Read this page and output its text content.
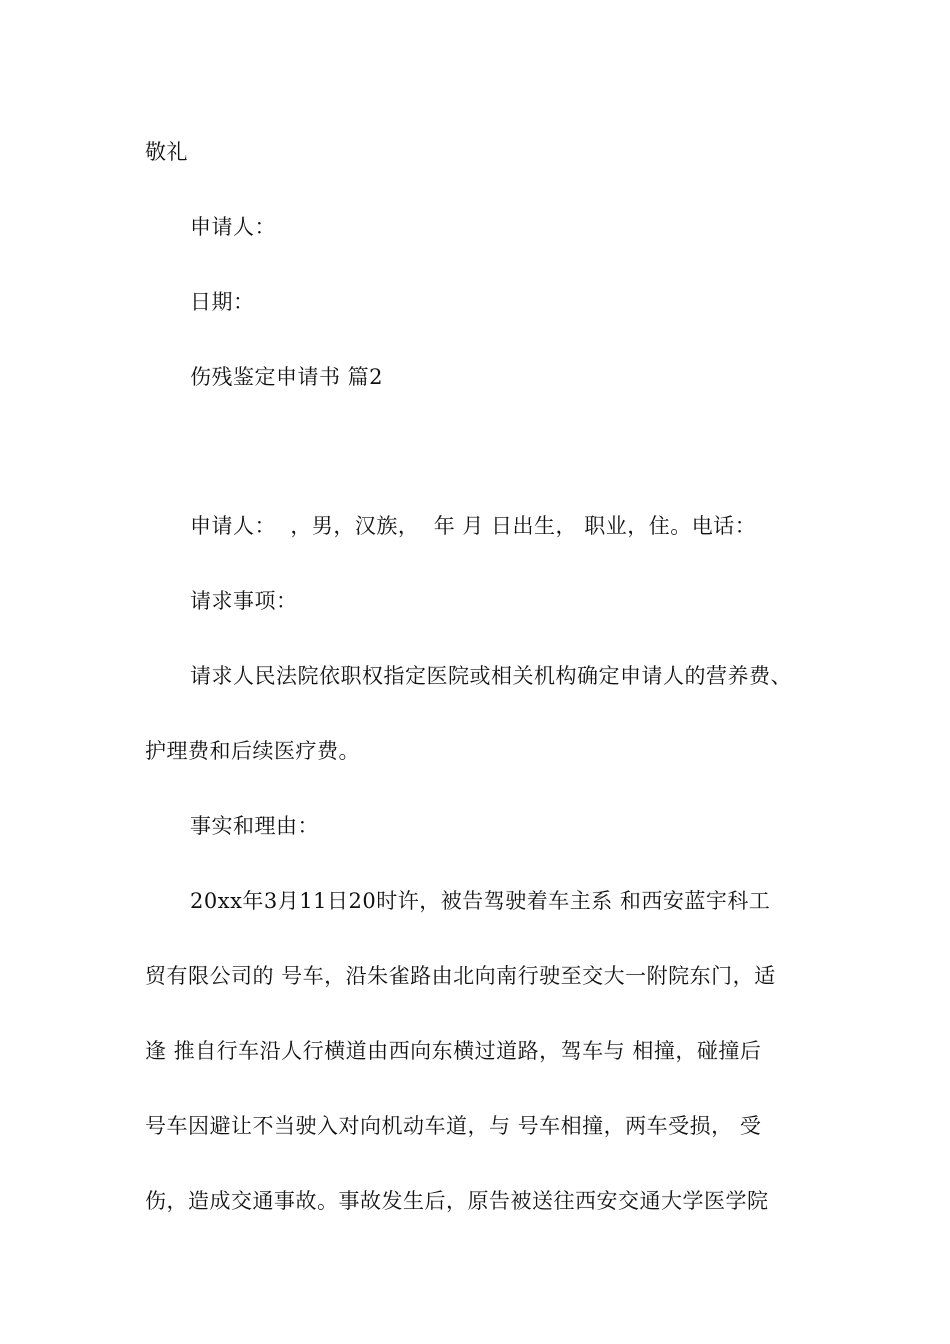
敬礼
申请人：
日期：
伤残鉴定申请书 篇2
申请人：  ，男，汉族，  年 月 日出生， 职业，住。电话：
请求事项：
请求人民法院依职权指定医院或相关机构确定申请人的营养费、
护理费和后续医疗费。
事实和理由：
20xx年3月11日20时许，被告驾驶着车主系 和西安蓝宇科工
贸有限公司的 号车，沿朱雀路由北向南行驶至交大一附院东门，适
逢 推自行车沿人行横道由西向东横过道路，驾车与 相撞，碰撞后
号车因避让不当驶入对向机动车道，与 号车相撞，两车受损， 受
伤，造成交通事故。事故发生后，原告被送往西安交通大学医学院
